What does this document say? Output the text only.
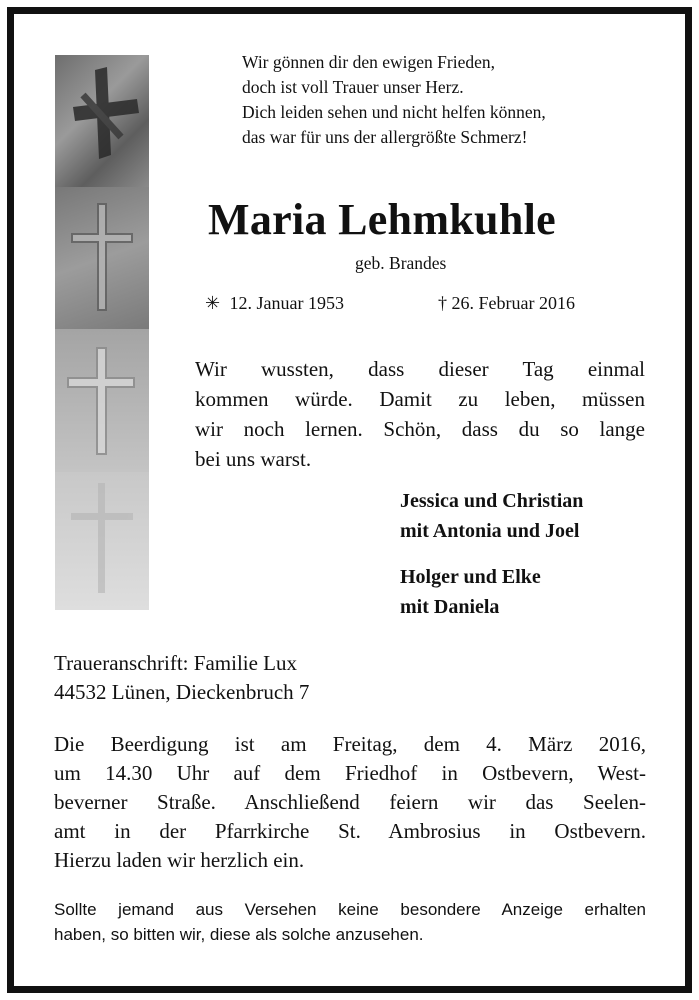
Wir gönnen dir den ewigen Frieden,
doch ist voll Trauer unser Herz.
Dich leiden sehen und nicht helfen können,
das war für uns der allergrößte Schmerz!
Maria Lehmkuhle
geb. Brandes
✳ 12. Januar 1953	† 26. Februar 2016
Wir wussten, dass dieser Tag einmal
kommen würde. Damit zu leben, müssen
wir noch lernen. Schön, dass du so lange
bei uns warst.
Jessica und Christian
mit Antonia und Joel
Holger und Elke
mit Daniela
Traueranschrift: Familie Lux
44532 Lünen, Dieckenbruch 7
Die Beerdigung ist am Freitag, dem 4. März 2016,
um 14.30 Uhr auf dem Friedhof in Ostbevern, West-
beverner Straße. Anschließend feiern wir das Seelen-
amt in der Pfarrkirche St. Ambrosius in Ostbevern.
Hierzu laden wir herzlich ein.
Sollte jemand aus Versehen keine besondere Anzeige erhalten
haben, so bitten wir, diese als solche anzusehen.
